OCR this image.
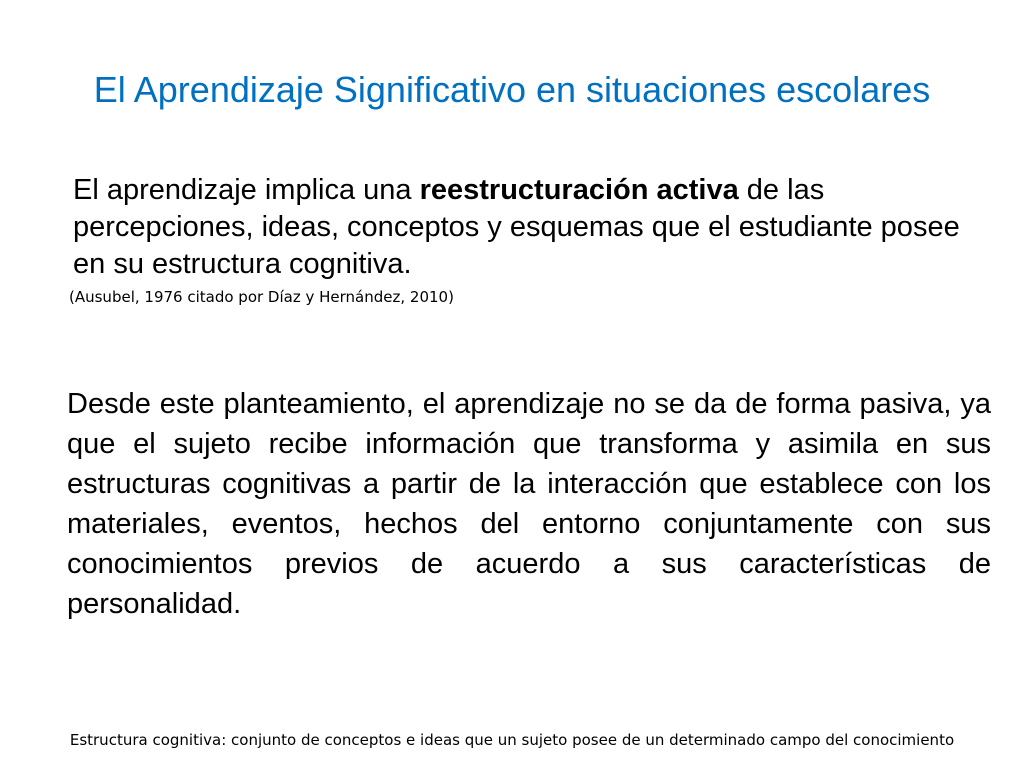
El Aprendizaje Significativo en situaciones escolares

El aprendizaje implica una reestructuración activa de las percepciones, ideas, conceptos y esquemas que el estudiante posee en su estructura cognitiva.

(Ausubel, 1976 citado por Díaz y Hernández, 2010)

Desde este planteamiento, el aprendizaje no se da de forma pasiva, ya que el sujeto recibe información que transforma y asimila en sus estructuras cognitivas a partir de la interacción que establece con los materiales, eventos, hechos del entorno conjuntamente con sus conocimientos previos de acuerdo a sus características de personalidad.

Estructura cognitiva: conjunto de conceptos e ideas que un sujeto posee de un determinado campo del conocimiento
